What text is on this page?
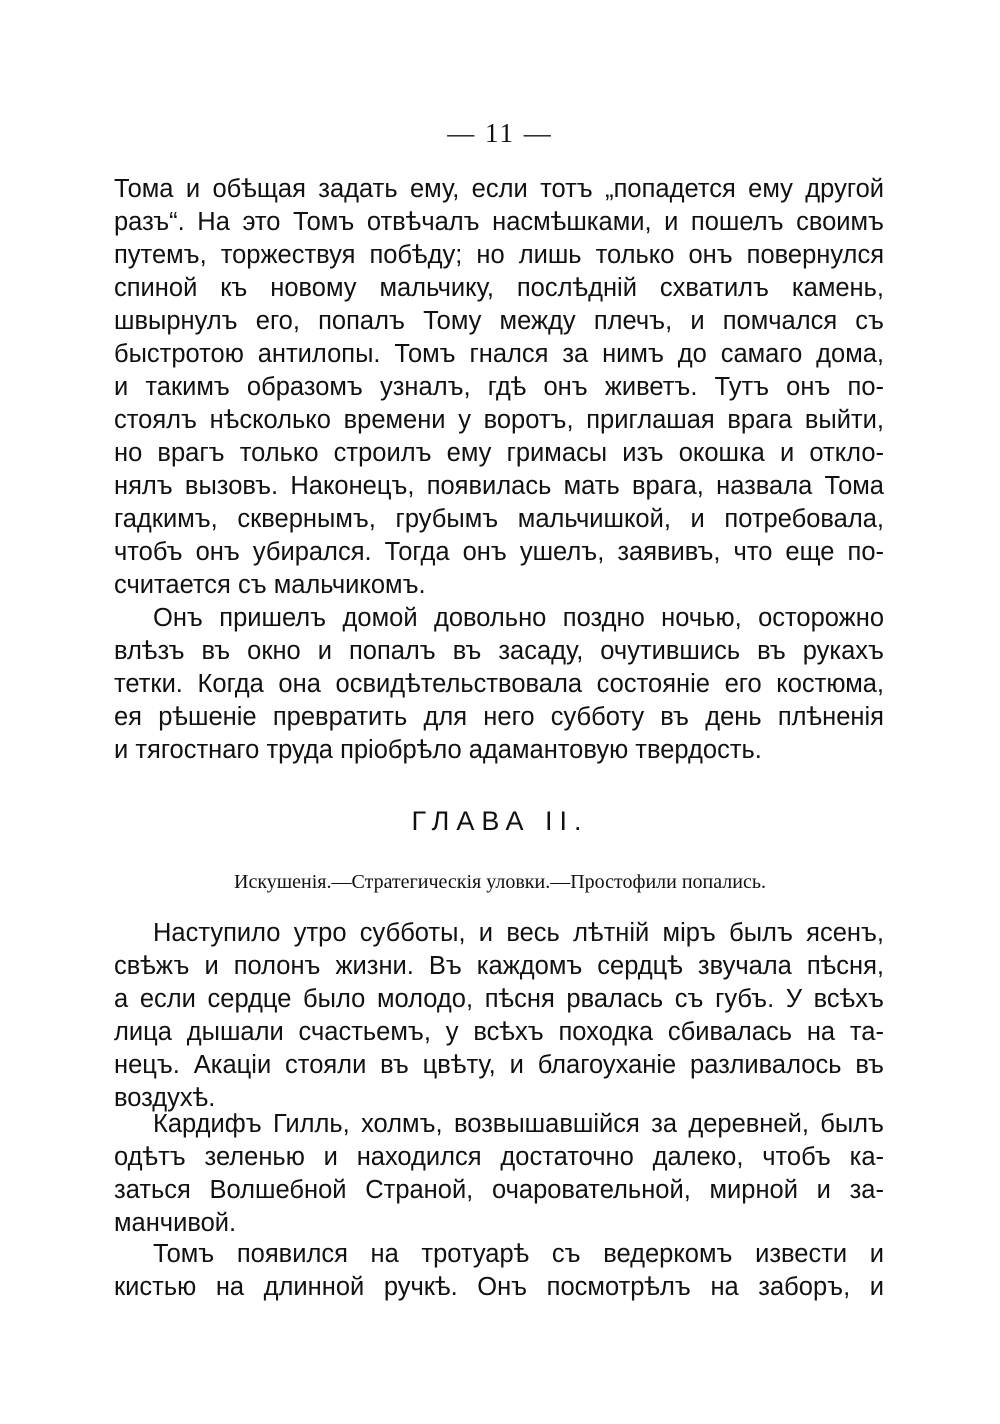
— 11 —
Тома и обѣщая задать ему, если тотъ „попадется ему другой
разъ“. На это Томъ отвѣчалъ насмѣшками, и пошелъ своимъ
путемъ, торжествуя побѣду; но лишь только онъ повернулся
спиной къ новому мальчику, послѣдній схватилъ камень,
швырнулъ его, попалъ Тому между плечъ, и помчался съ
быстротою антилопы. Томъ гнался за нимъ до самаго дома,
и такимъ образомъ узналъ, гдѣ онъ живетъ. Тутъ онъ по-
стоялъ нѣсколько времени у воротъ, приглашая врага выйти,
но врагъ только строилъ ему гримасы изъ окошка и откло-
нялъ вызовъ. Наконецъ, появилась мать врага, назвала Тома
гадкимъ, сквернымъ, грубымъ мальчишкой, и потребовала,
чтобъ онъ убирался. Тогда онъ ушелъ, заявивъ, что еще по-
считается съ мальчикомъ.
Онъ пришелъ домой довольно поздно ночью, осторожно
влѣзъ въ окно и попалъ въ засаду, очутившись въ рукахъ
тетки. Когда она освидѣтельствовала состояніе его костюма,
ея рѣшеніе превратить для него субботу въ день плѣненія
и тягостнаго труда пріобрѣло адамантовую твердость.
ГЛАВА II.
Искушенія.—Стратегическія уловки.—Простофили попались.
Наступило утро субботы, и весь лѣтній міръ былъ ясенъ,
свѣжъ и полонъ жизни. Въ каждомъ сердцѣ звучала пѣсня,
а если сердце было молодо, пѣсня рвалась съ губъ. У всѣхъ
лица дышали счастьемъ, у всѣхъ походка сбивалась на та-
нецъ. Акаціи стояли въ цвѣту, и благоуханіе разливалось въ
воздухѣ.
Кардифъ Гилль, холмъ, возвышавшійся за деревней, былъ
одѣтъ зеленью и находился достаточно далеко, чтобъ ка-
заться Волшебной Страной, очаровательной, мирной и за-
манчивой.
Томъ появился на тротуарѣ съ ведеркомъ извести и
кистью на длинной ручкѣ. Онъ посмотрѣлъ на заборъ, и
